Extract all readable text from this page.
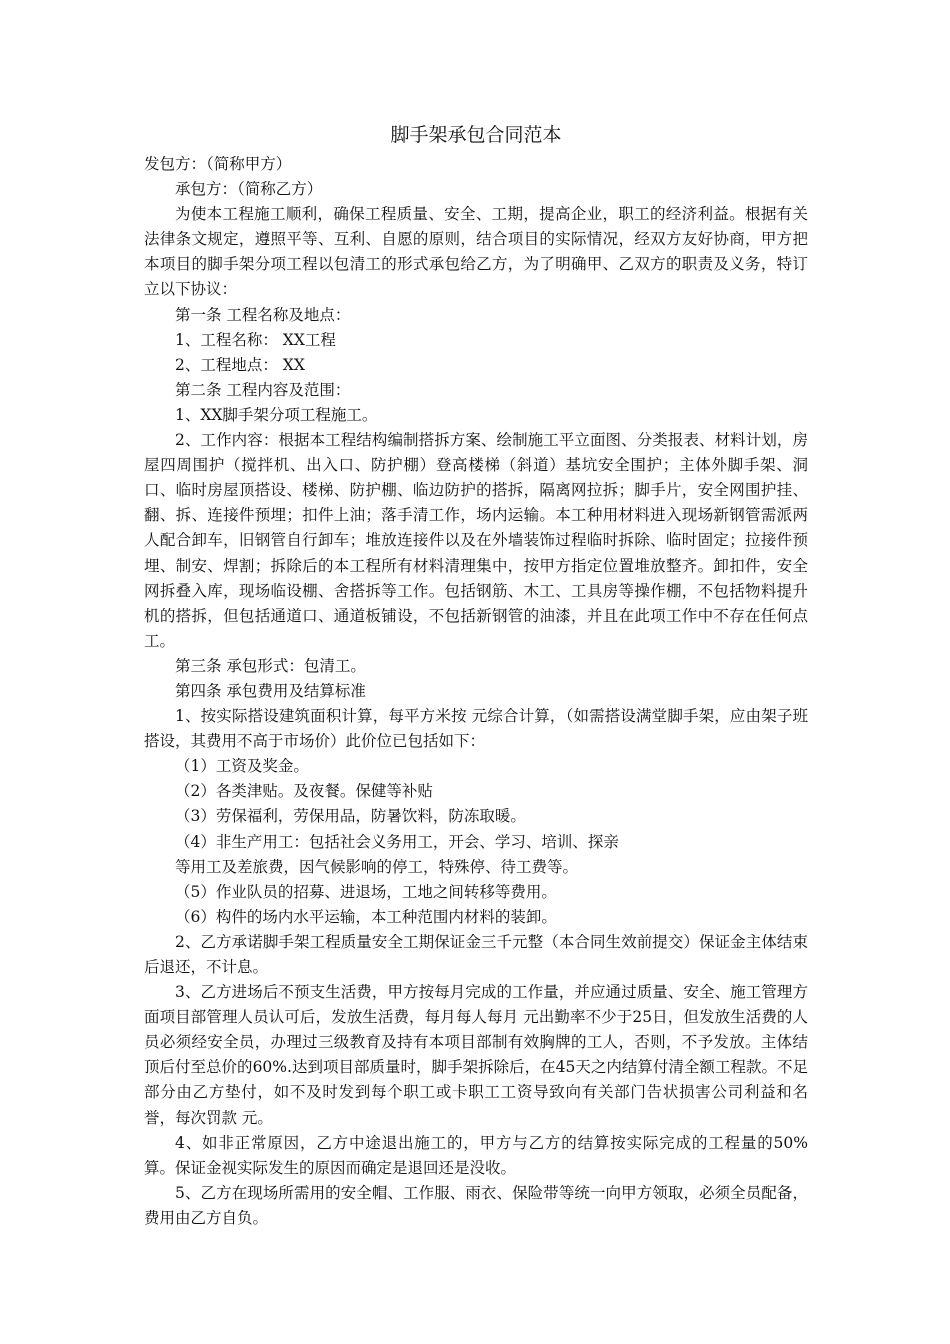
脚手架承包合同范本

发包方：（简称甲方）

承包方：（简称乙方）

为使本工程施工顺利，确保工程质量、安全、工期，提高企业，职工的经济利益。根据有关法律条文规定，遵照平等、互利、自愿的原则，结合项目的实际情况，经双方友好协商，甲方把本项目的脚手架分项工程以包清工的形式承包给乙方，为了明确甲、乙双方的职责及义务，特订立以下协议：

第一条 工程名称及地点：

1、工程名称： XX工程

2、工程地点： XX

第二条 工程内容及范围：

1、XX脚手架分项工程施工。

2、工作内容：根据本工程结构编制搭拆方案、绘制施工平立面图、分类报表、材料计划，房屋四周围护（搅拌机、出入口、防护棚）登高楼梯（斜道）基坑安全围护；主体外脚手架、洞口、临时房屋顶搭设、楼梯、防护棚、临边防护的搭拆，隔离网拉拆；脚手片，安全网围护挂、翻、拆、连接件预埋；扣件上油；落手清工作，场内运输。本工种用材料进入现场新钢管需派两人配合卸车，旧钢管自行卸车；堆放连接件以及在外墙装饰过程临时拆除、临时固定；拉接件预埋、制安、焊割；拆除后的本工程所有材料清理集中，按甲方指定位置堆放整齐。卸扣件，安全网拆叠入库，现场临设棚、舍搭拆等工作。包括钢筋、木工、工具房等操作棚，不包括物料提升机的搭拆，但包括通道口、通道板铺设，不包括新钢管的油漆，并且在此项工作中不存在任何点工。

第三条 承包形式：包清工。

第四条 承包费用及结算标准

1、按实际搭设建筑面积计算，每平方米按 元综合计算，（如需搭设满堂脚手架，应由架子班搭设，其费用不高于市场价）此价位已包括如下：

（1）工资及奖金。

（2）各类津贴。及夜餐。保健等补贴

（3）劳保福利，劳保用品，防暑饮料，防冻取暖。

（4）非生产用工：包括社会义务用工，开会、学习、培训、探亲

等用工及差旅费，因气候影响的停工，特殊停、待工费等。

（5）作业队员的招募、进退场，工地之间转移等费用。

（6）构件的场内水平运输，本工种范围内材料的装卸。

2、乙方承诺脚手架工程质量安全工期保证金三千元整（本合同生效前提交）保证金主体结束后退还，不计息。

3、乙方进场后不预支生活费，甲方按每月完成的工作量，并应通过质量、安全、施工管理方面项目部管理人员认可后，发放生活费，每月每人每月 元出勤率不少于25日，但发放生活费的人员必须经安全员，办理过三级教育及持有本项目部制有效胸牌的工人，否则，不予发放。主体结顶后付至总价的60%.达到项目部质量时，脚手架拆除后，在45天之内结算付清全额工程款。不足部分由乙方垫付，如不及时发到每个职工或卡职工工资导致向有关部门告状损害公司利益和名誉，每次罚款 元。

4、如非正常原因，乙方中途退出施工的，甲方与乙方的结算按实际完成的工程量的50%算。保证金视实际发生的原因而确定是退回还是没收。

5、乙方在现场所需用的安全帽、工作服、雨衣、保险带等统一向甲方领取，必须全员配备，费用由乙方自负。
